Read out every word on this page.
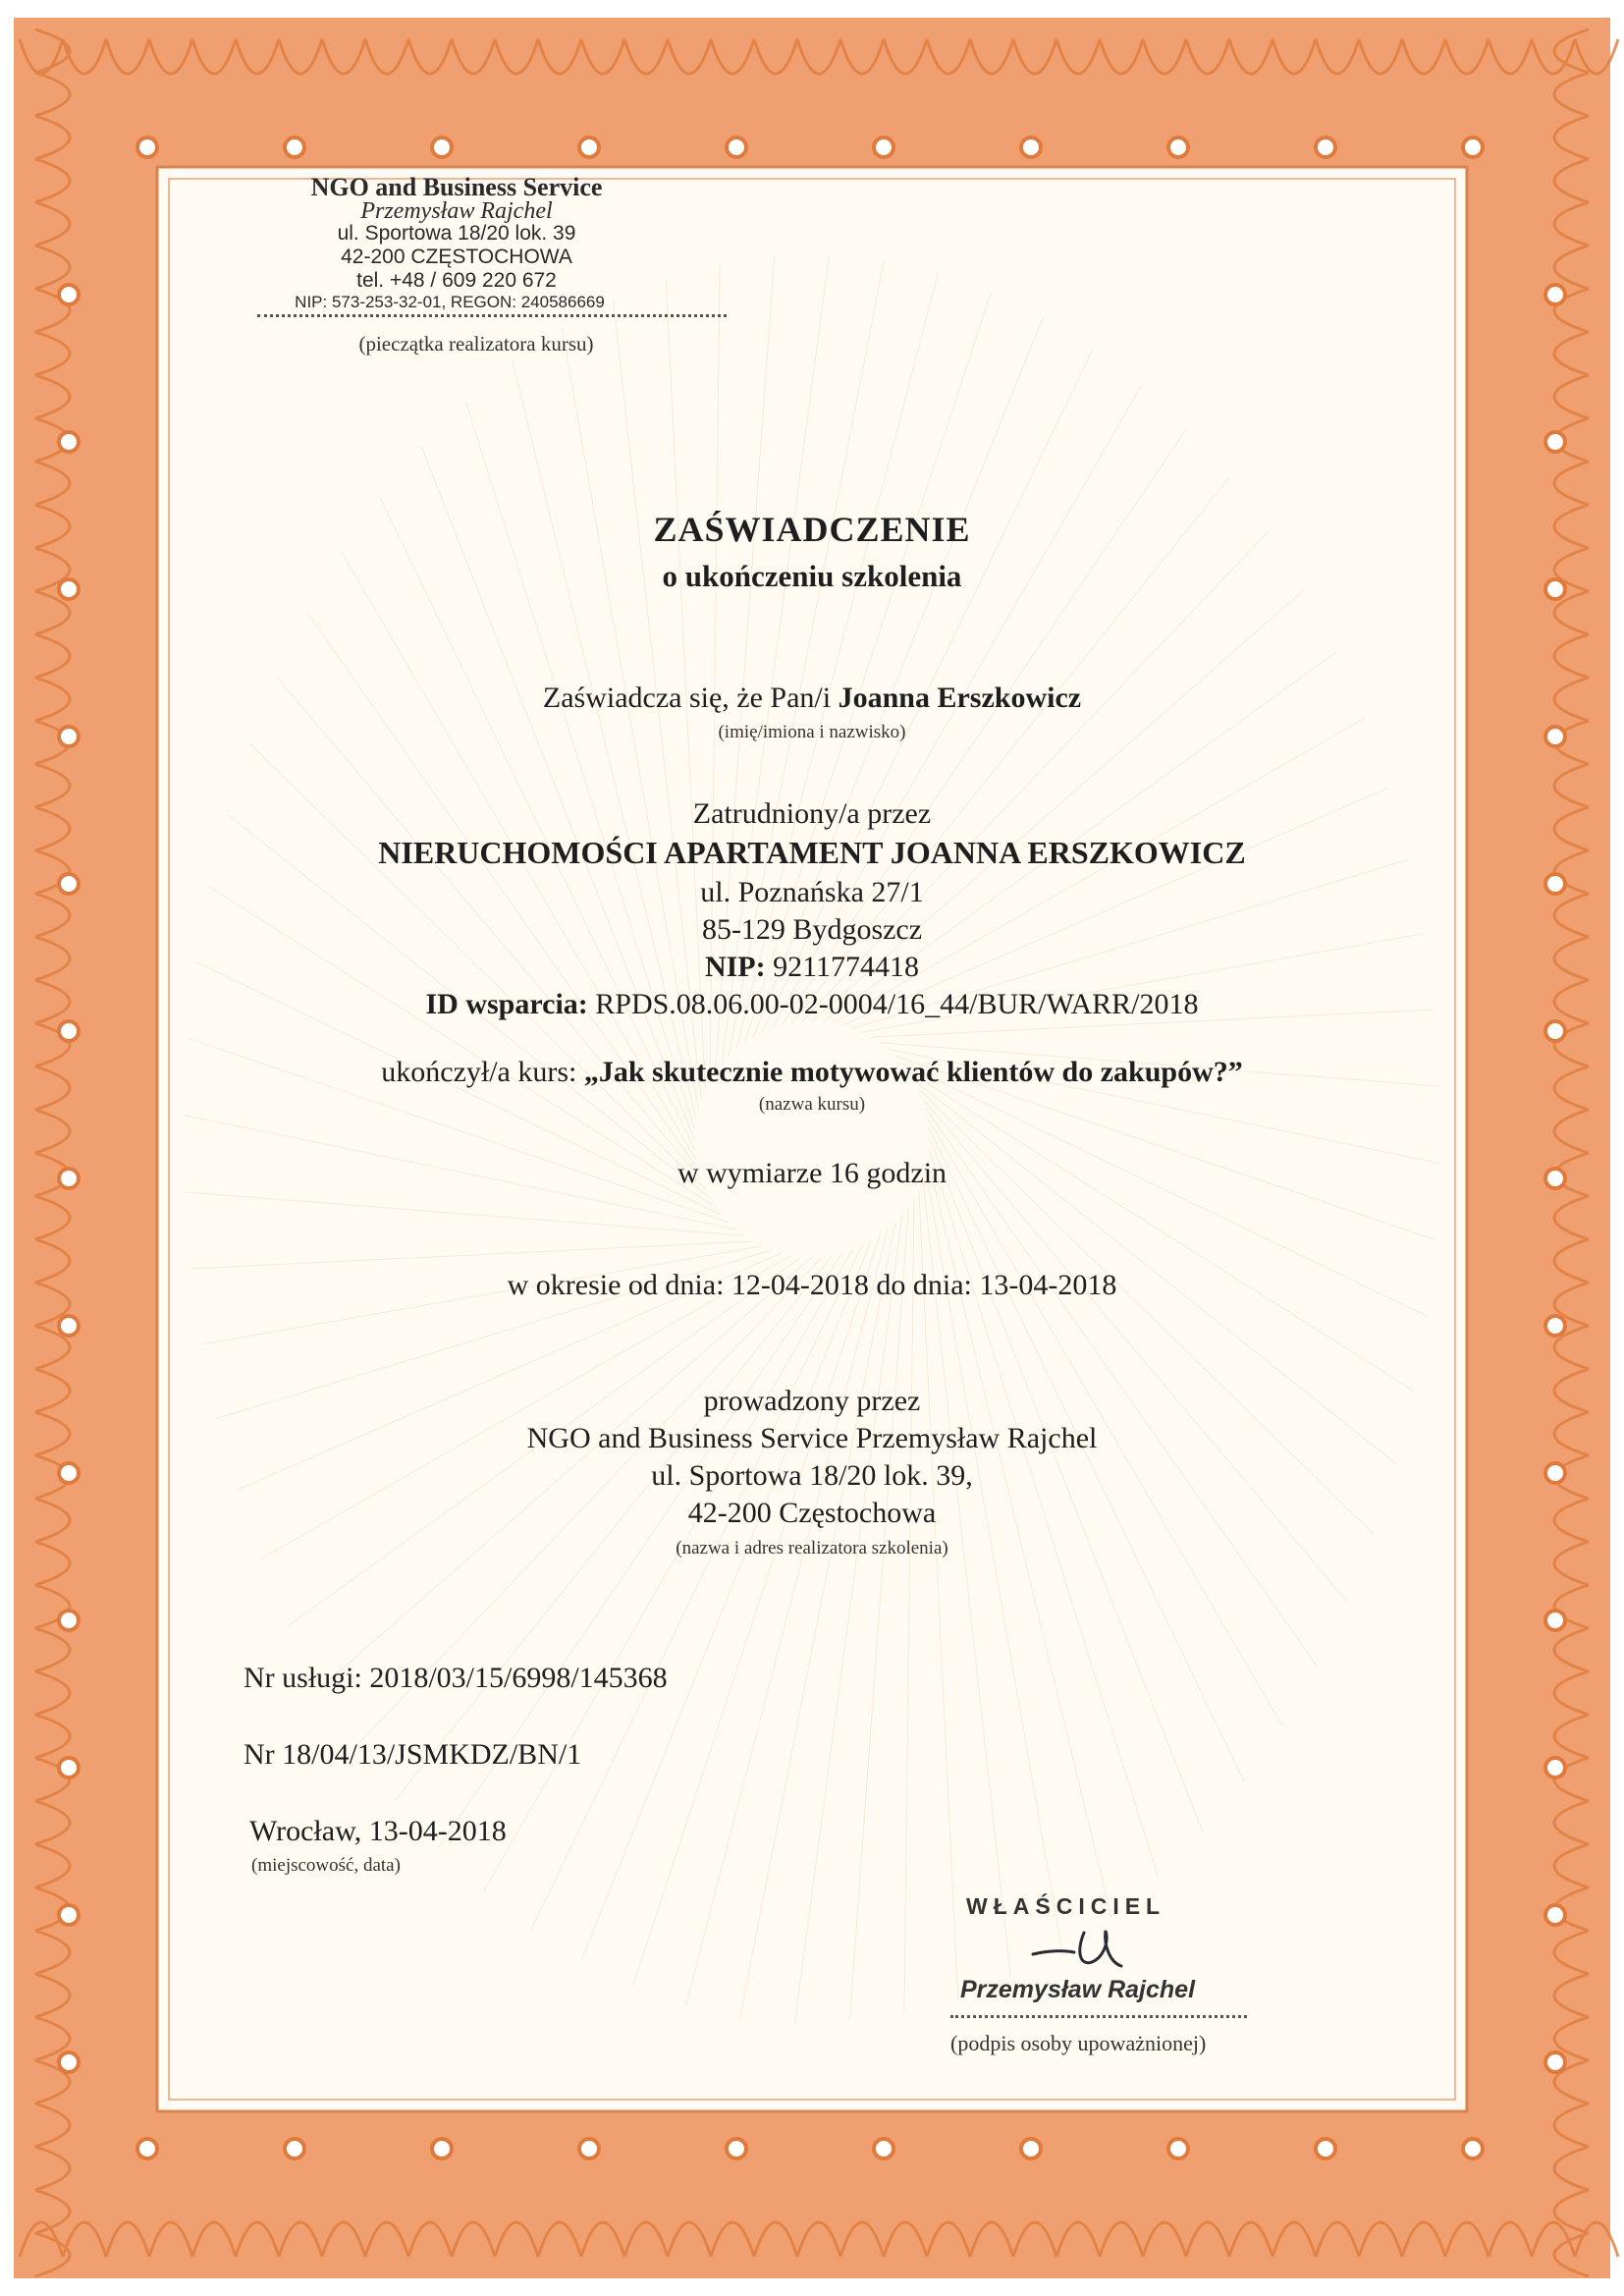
NGO and Business Service
Przemysław Rajchel
ul. Sportowa 18/20 lok. 39
42-200 CZĘSTOCHOWA
tel. +48 / 609 220 672
NIP: 573-253-32-01, REGON: 240586669
(pieczątka realizatora kursu)
ZAŚWIADCZENIE
o ukończeniu szkolenia
Zaświadcza się, że Pan/i Joanna Erszkowicz
(imię/imiona i nazwisko)
Zatrudniony/a przez
NIERUCHOMOŚCI APARTAMENT JOANNA ERSZKOWICZ
ul. Poznańska 27/1
85-129 Bydgoszcz
NIP: 9211774418
ID wsparcia: RPDS.08.06.00-02-0004/16_44/BUR/WARR/2018
ukończył/a kurs: „Jak skutecznie motywować klientów do zakupów?”
(nazwa kursu)
w wymiarze 16 godzin
w okresie od dnia: 12-04-2018 do dnia: 13-04-2018
prowadzony przez
NGO and Business Service Przemysław Rajchel
ul. Sportowa 18/20 lok. 39,
42-200 Częstochowa
(nazwa i adres realizatora szkolenia)
Nr usługi: 2018/03/15/6998/145368
Nr 18/04/13/JSMKDZ/BN/1
Wrocław, 13-04-2018
(miejscowość, data)
WŁAŚCICIEL
Przemysław Rajchel
(podpis osoby upoważnionej)
